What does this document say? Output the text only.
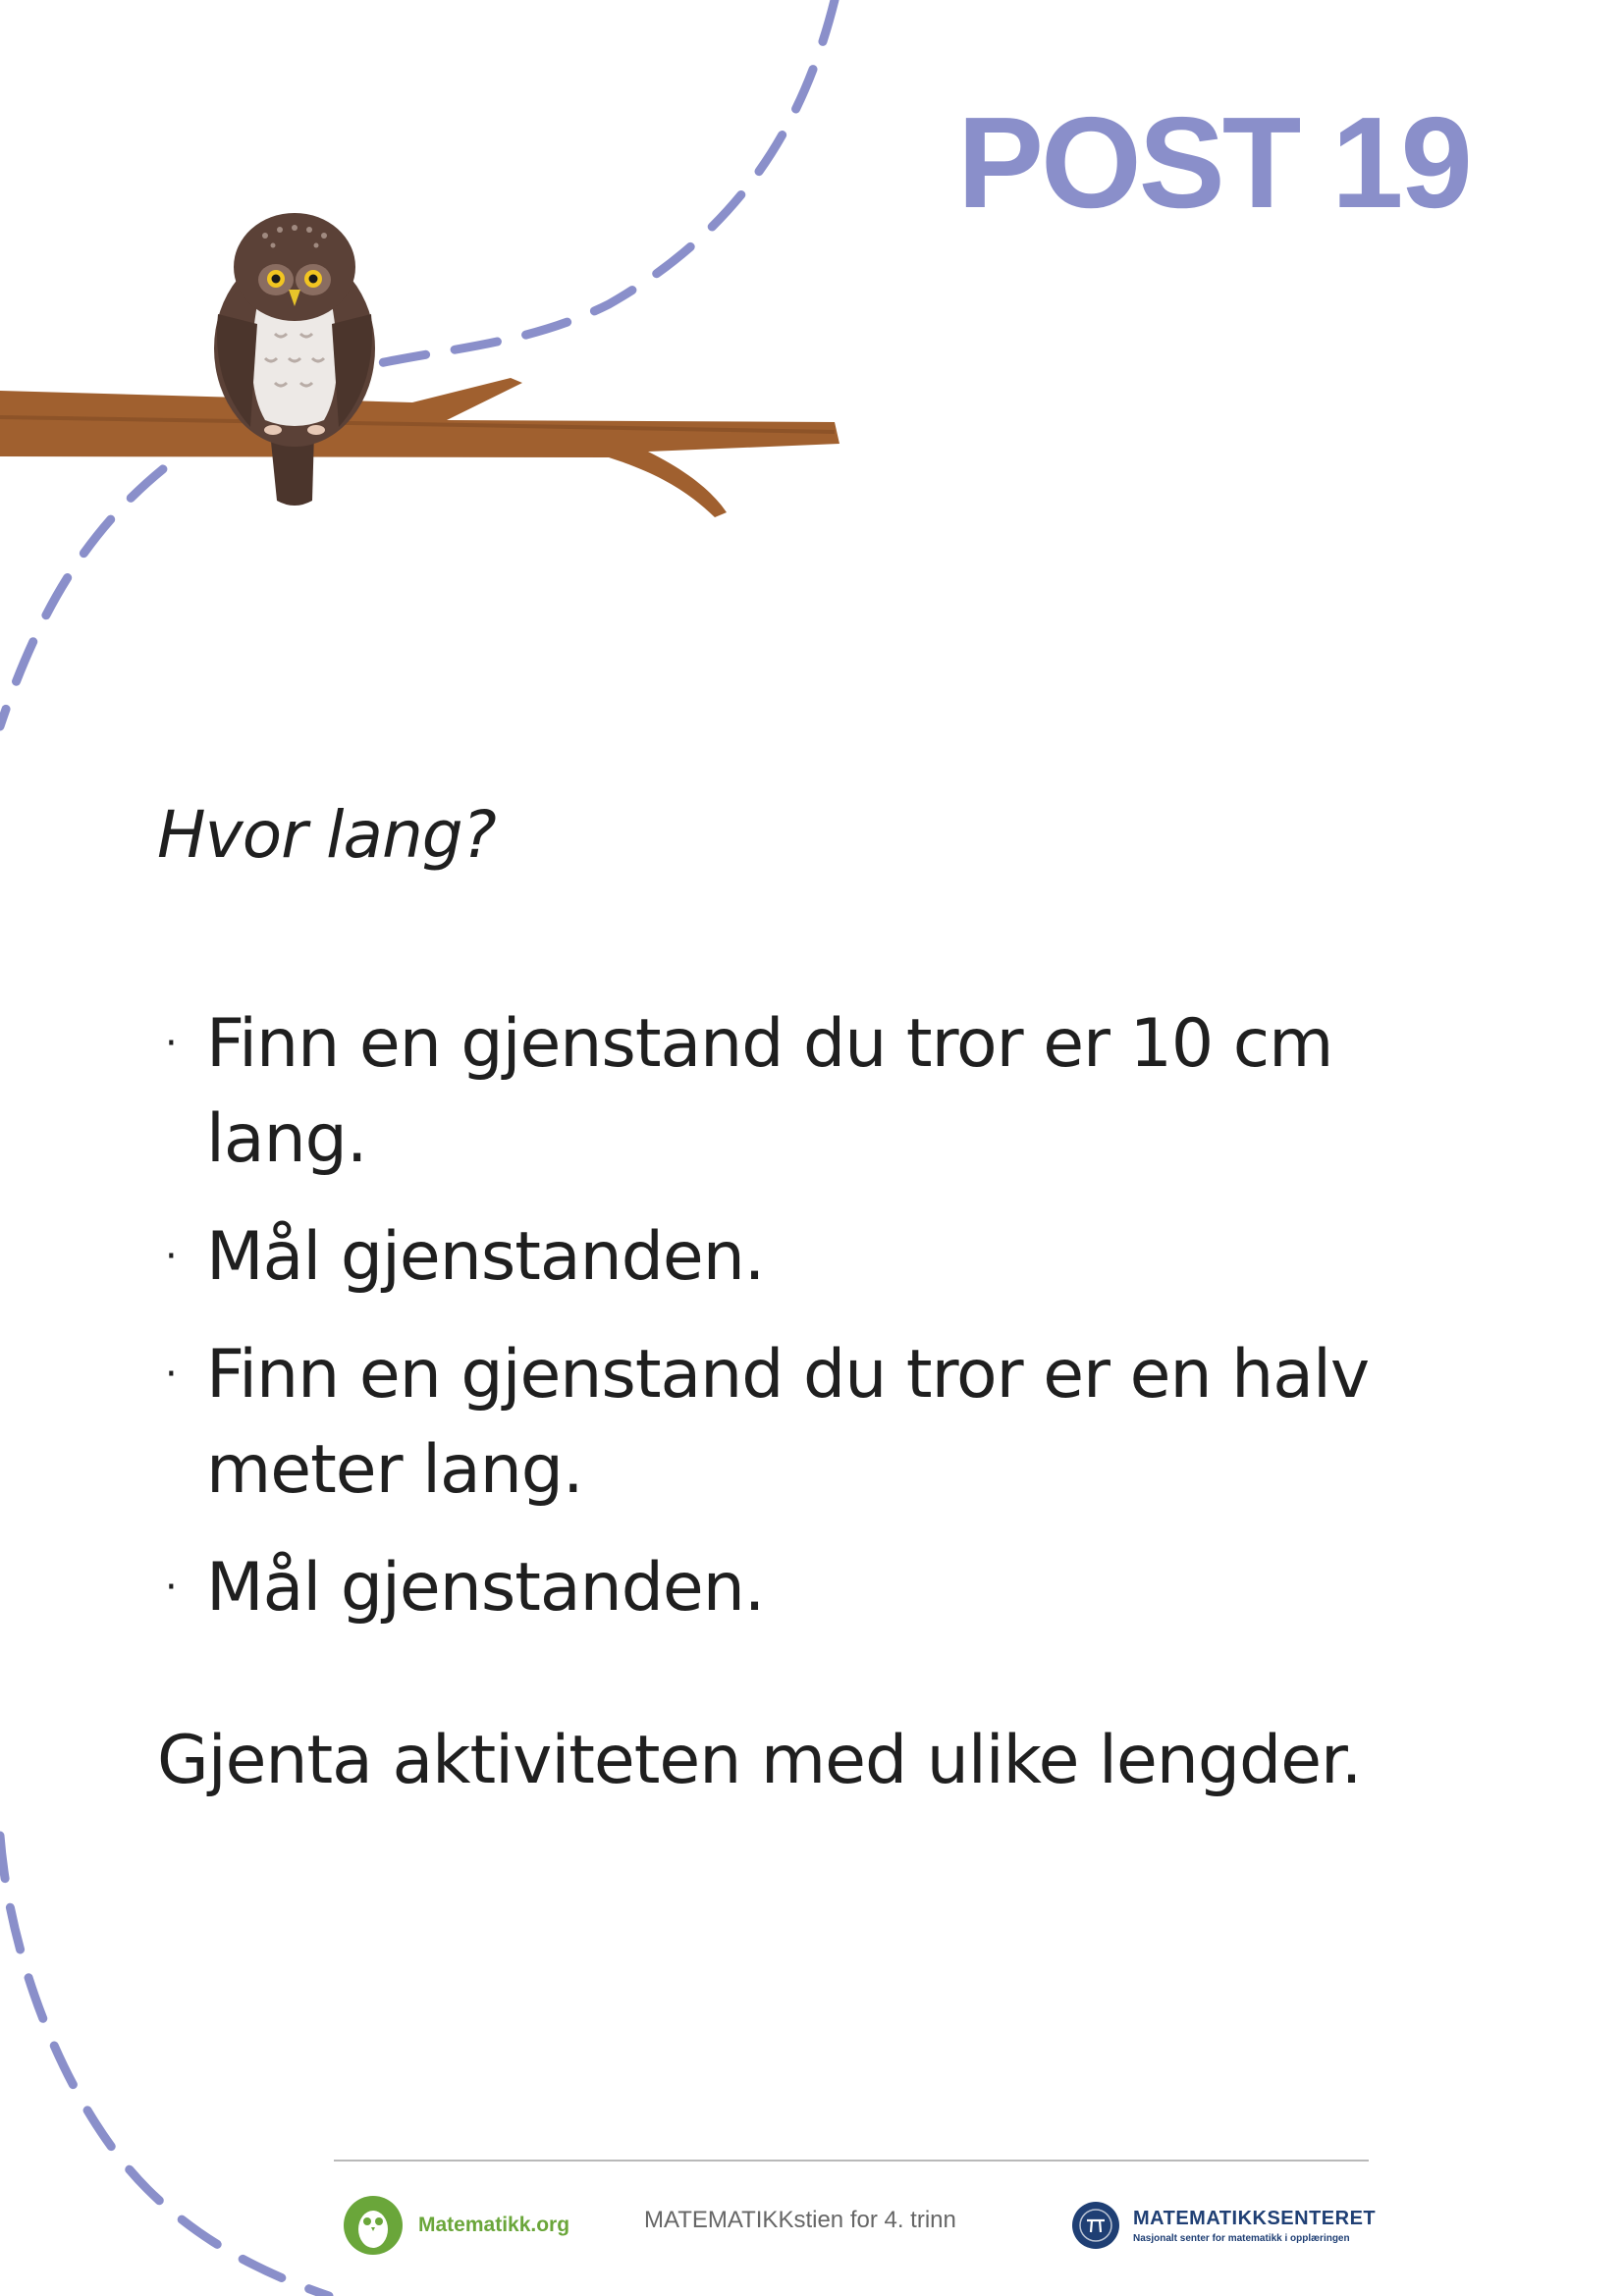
POST 19
Hvor lang?
· Finn en gjenstand du tror er 10 cm lang.
· Mål gjenstanden.
· Finn en gjenstand du tror er en halv meter lang.
· Mål gjenstanden.
Gjenta aktiviteten med ulike lengder.
Matematikk.org	MATEMATIKKstien for 4. trinn	MATEMATIKKSENTERET
Nasjonalt senter for matematikk i opplæringen
